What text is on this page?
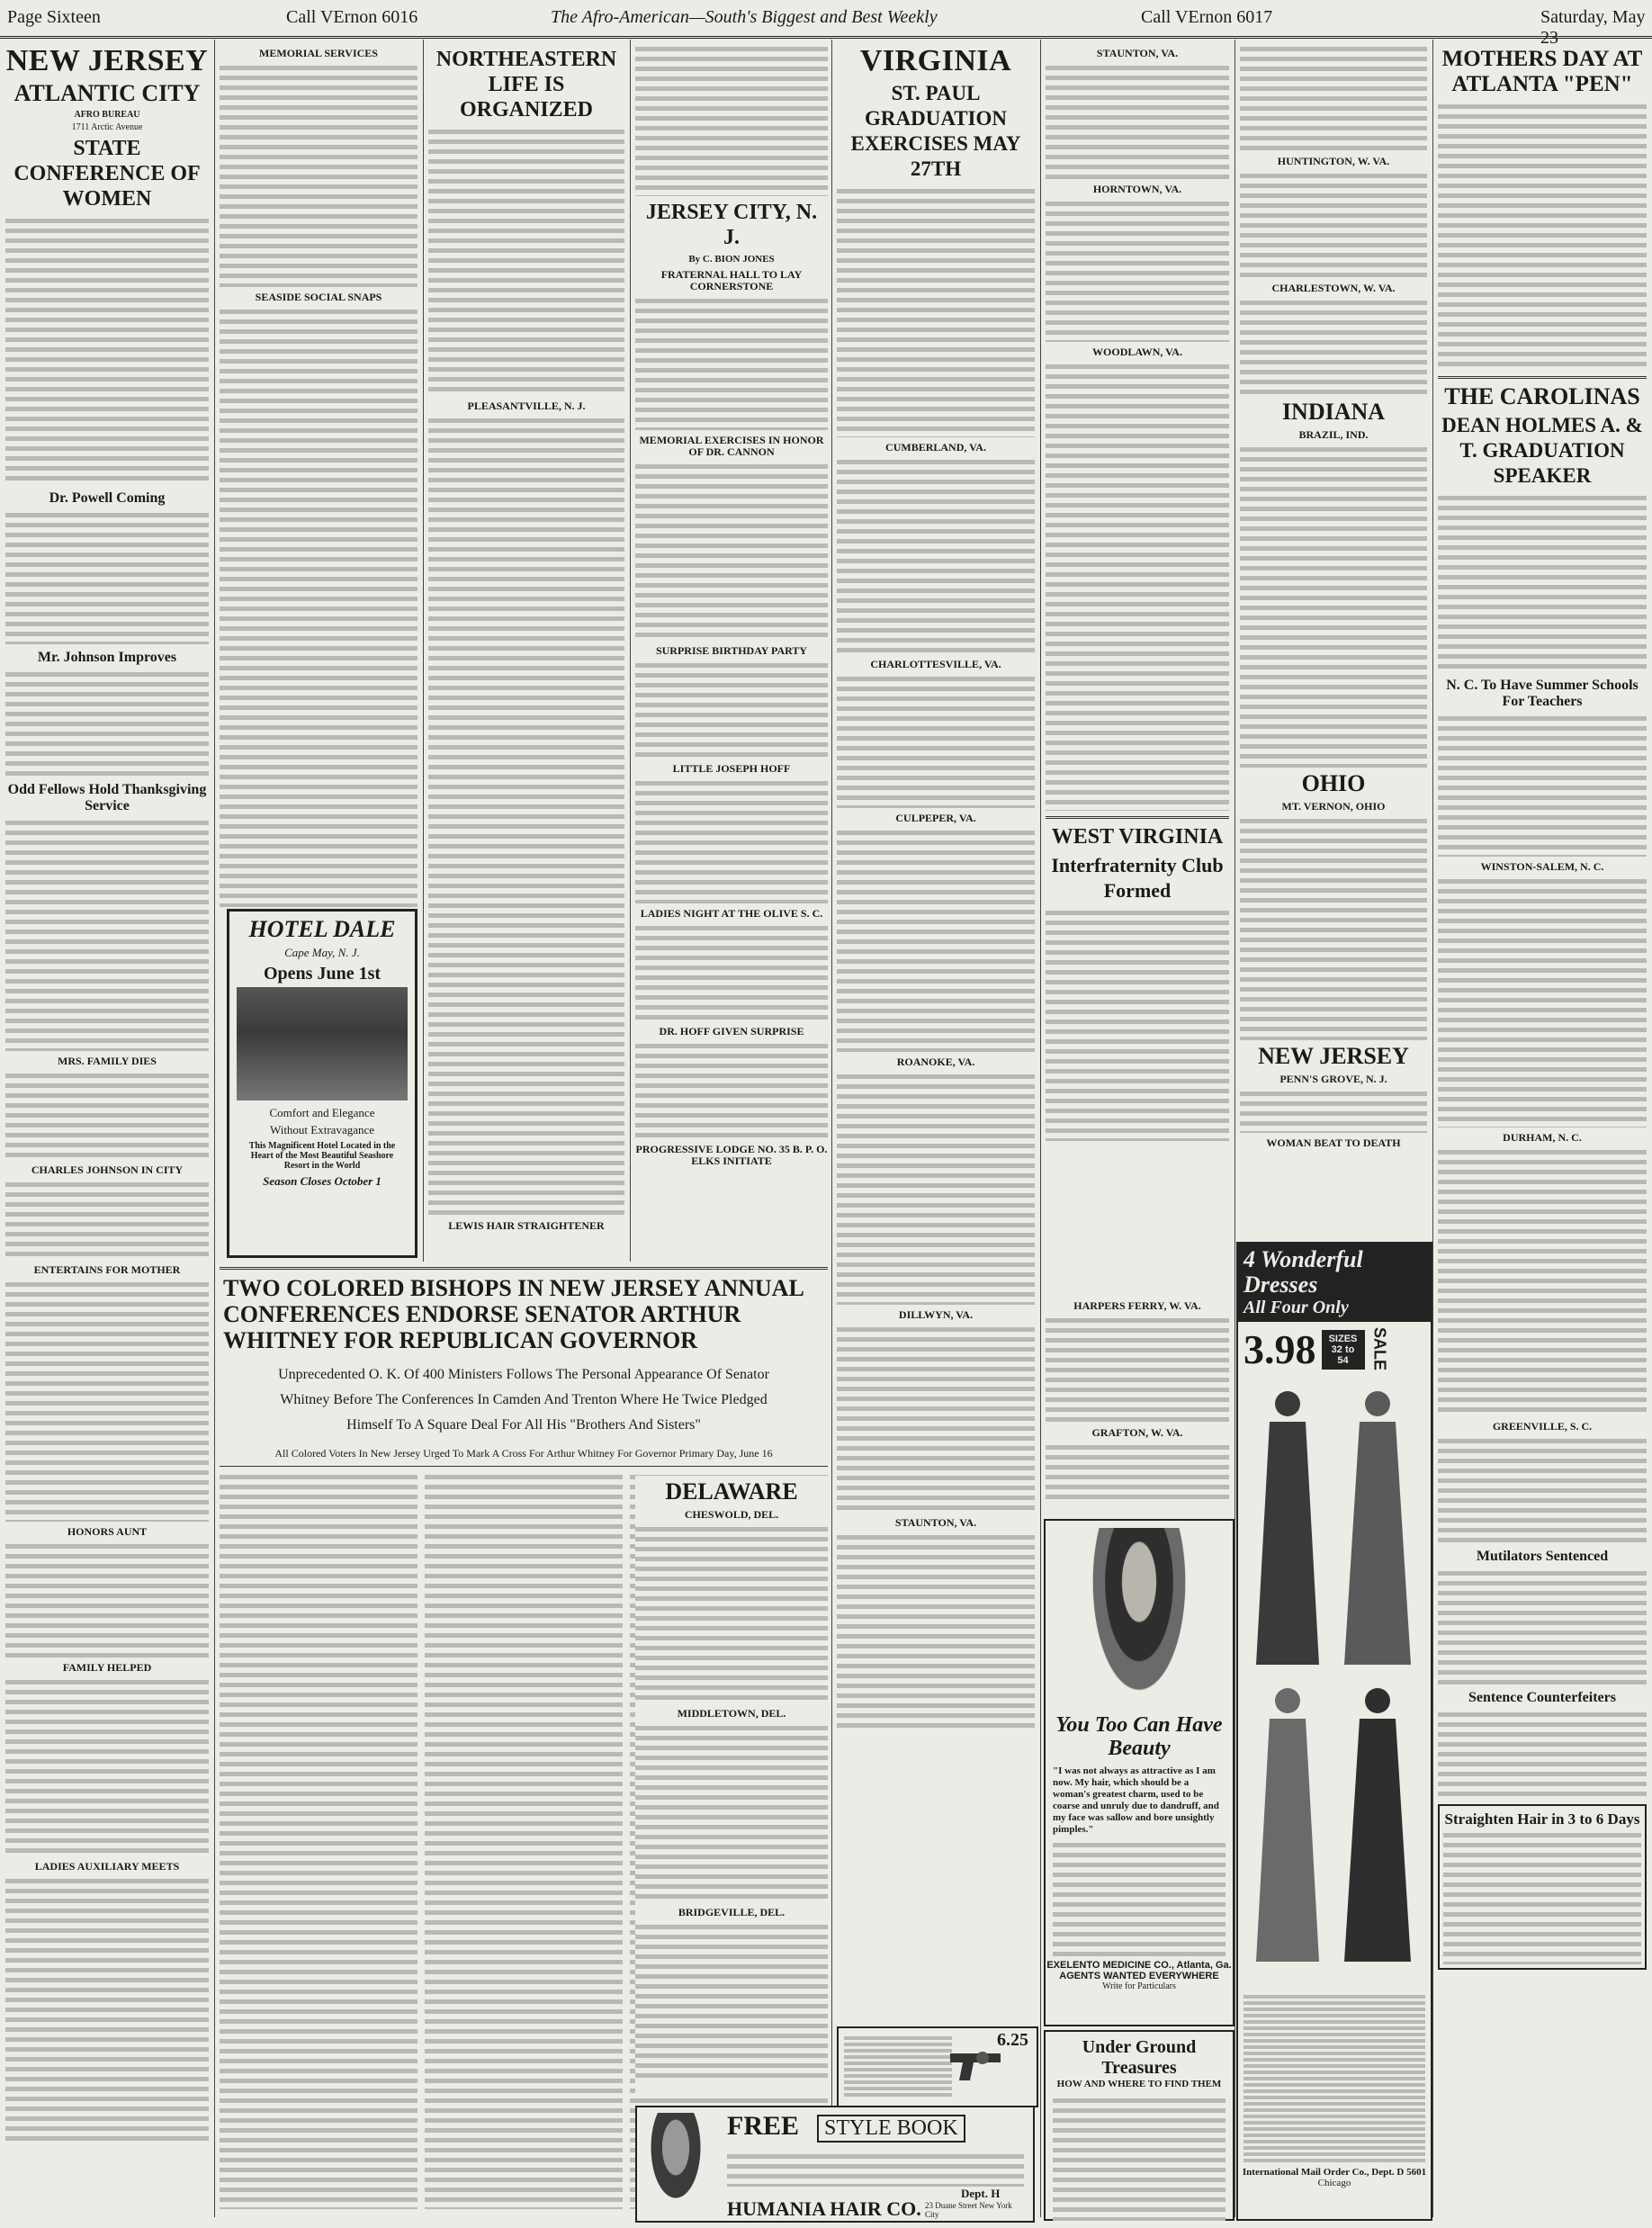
Page Sixteen	Call VErnon 6016	The Afro-American—South's Biggest and Best Weekly	Call VErnon 6017	Saturday, May 23
NEW JERSEY
ATLANTIC CITY
AFRO BUREAU
1711 Arctic Avenue
STATE CONFERENCE OF WOMEN
Dr. Powell Coming
Mr. Johnson Improves
Odd Fellows Hold Thanksgiving Service
MRS. FAMILY DIES
CHARLES JOHNSON IN CITY
ENTERTAINS FOR MOTHER
HONORS AUNT
FAMILY HELPED
LADIES AUXILIARY MEETS
MEMORIAL SERVICES
SEASIDE SOCIAL SNAPS
HOTEL DALE
Cape May, N. J.
Opens June 1st
Comfort and Elegance
Without Extravagance
This Magnificent Hotel Located in the Heart of the Most Beautiful Seashore Resort in the World
Season Closes October 1
NORTHEASTERN LIFE IS ORGANIZED
PLEASANTVILLE, N. J.
LEWIS HAIR STRAIGHTENER
TWO COLORED BISHOPS IN NEW JERSEY ANNUAL CONFERENCES ENDORSE SENATOR ARTHUR WHITNEY FOR REPUBLICAN GOVERNOR
Unprecedented O. K. Of 400 Ministers Follows The Personal Appearance Of Senator Whitney Before The Conferences In Camden And Trenton Where He Twice Pledged Himself To A Square Deal For All His "Brothers And Sisters"
All Colored Voters In New Jersey Urged To Mark A Cross For Arthur Whitney For Governor Primary Day, June 16
JERSEY CITY, N. J.
By C. BION JONES
FRATERNAL HALL TO LAY CORNERSTONE
MEMORIAL EXERCISES IN HONOR OF DR. CANNON
SURPRISE BIRTHDAY PARTY
LITTLE JOSEPH HOFF
LADIES NIGHT AT THE OLIVE S. C.
DR. HOFF GIVEN SURPRISE
PROGRESSIVE LODGE NO. 35 B. P. O. ELKS INITIATE
VIRGINIA
ST. PAUL GRADUATION EXERCISES MAY 27TH
CUMBERLAND, VA.
CHARLOTTESVILLE, VA.
CULPEPER, VA.
ROANOKE, VA.
DILLWYN, VA.
STAUNTON, VA.
DELAWARE
CHESWOLD, DEL.
MIDDLETOWN, DEL.
BRIDGEVILLE, DEL.
FREE	STYLE BOOK
Dept. H
HUMANIA HAIR CO. 23 Duane Street New York City
6.25
STAUNTON, VA.
HORNTOWN, VA.
WOODLAWN, VA.
WEST VIRGINIA
Interfraternity Club Formed
HUNTINGTON, W. VA.
CHARLESTOWN, W. VA.
INDIANA
BRAZIL, IND.
OHIO
MT. VERNON, OHIO
NEW JERSEY
PENN'S GROVE, N. J.
WOMAN BEAT TO DEATH
HARPERS FERRY, W. VA.
GRAFTON, W. VA.
You Too Can Have Beauty
"I was not always as attractive as I am now. My hair, which should be a woman's greatest charm, used to be coarse and unruly due to dandruff, and my face was sallow and bore unsightly pimples."
EXELENTO MEDICINE CO., Atlanta, Ga.
AGENTS WANTED EVERYWHERE
Write for Particulars
Under Ground Treasures
HOW AND WHERE TO FIND THEM
4 Wonderful Dresses
All Four Only
3.98	SIZES 32 to 54	SALE
International Mail Order Co., Dept. D 5601
Chicago
MOTHERS DAY AT ATLANTA "PEN"
THE CAROLINAS
DEAN HOLMES A. & T. GRADUATION SPEAKER
N. C. To Have Summer Schools For Teachers
WINSTON-SALEM, N. C.
DURHAM, N. C.
GREENVILLE, S. C.
Mutilators Sentenced
Sentence Counterfeiters
Straighten Hair in 3 to 6 Days
